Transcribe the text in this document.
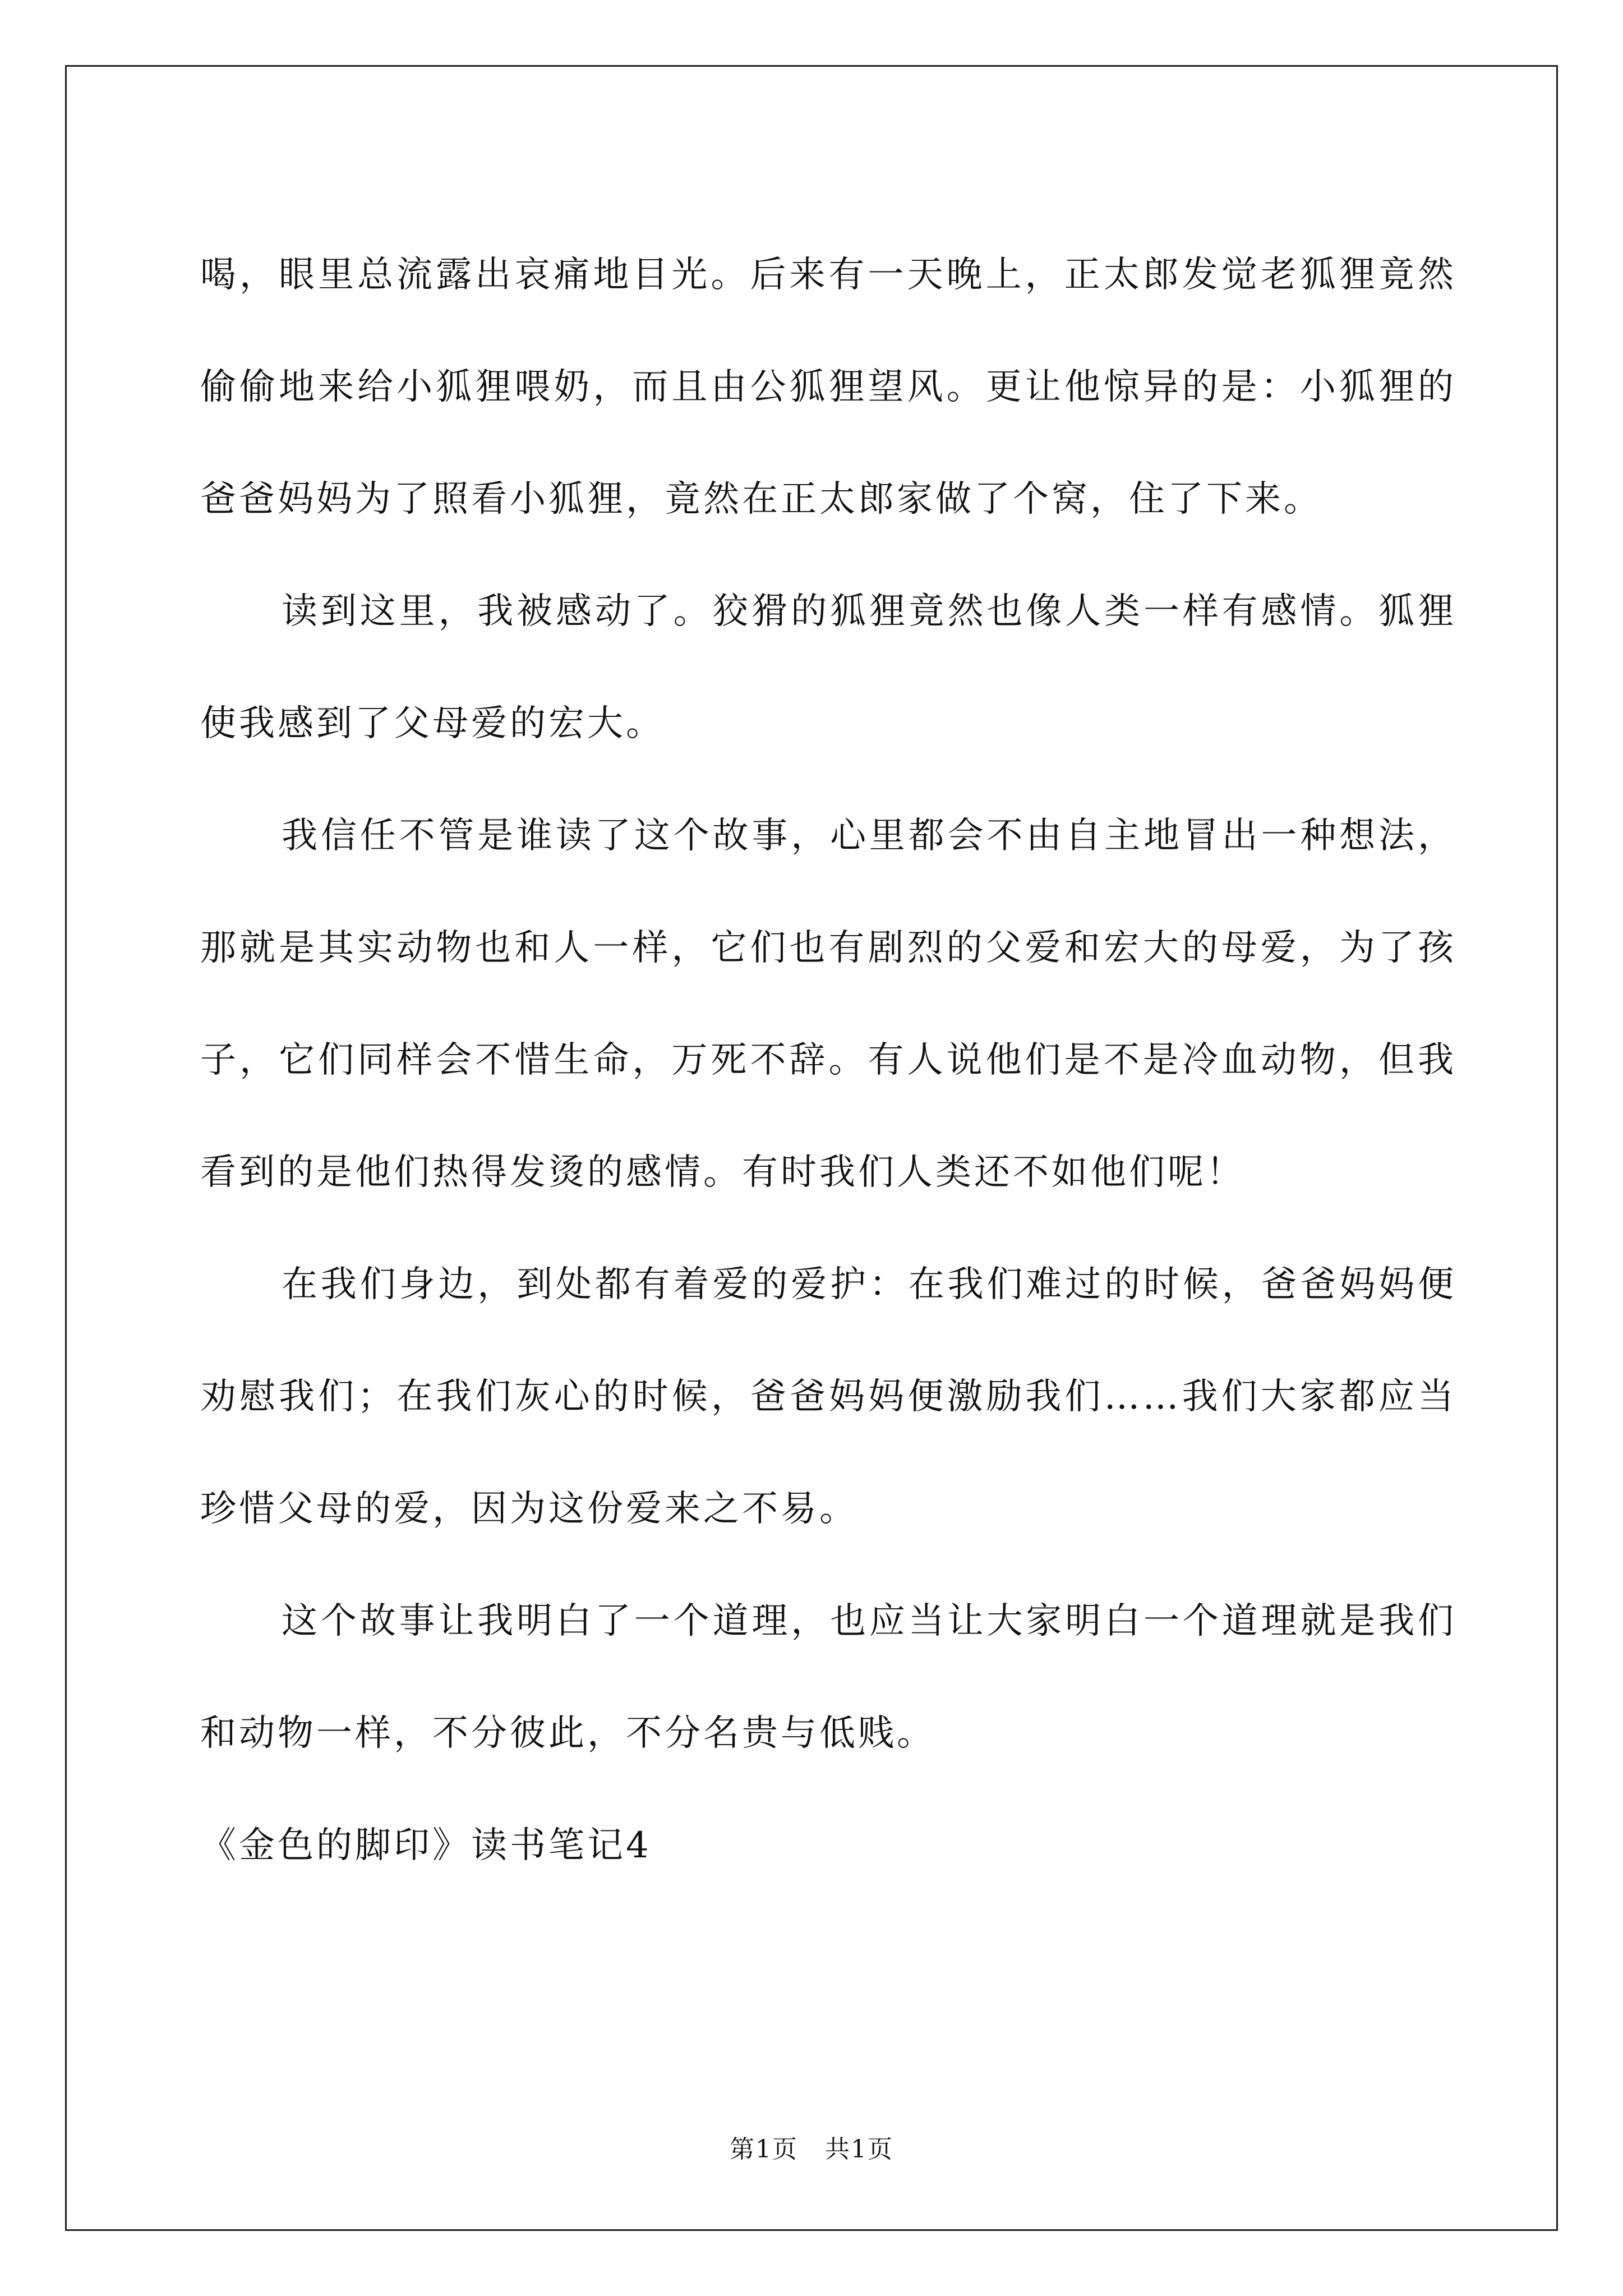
喝，眼里总流露出哀痛地目光。后来有一天晚上，正太郎发觉老狐狸竟然偷偷地来给小狐狸喂奶，而且由公狐狸望风。更让他惊异的是：小狐狸的爸爸妈妈为了照看小狐狸，竟然在正太郎家做了个窝，住了下来。

读到这里，我被感动了。狡猾的狐狸竟然也像人类一样有感情。狐狸使我感到了父母爱的宏大。

我信任不管是谁读了这个故事，心里都会不由自主地冒出一种想法，那就是其实动物也和人一样，它们也有剧烈的父爱和宏大的母爱，为了孩子，它们同样会不惜生命，万死不辞。有人说他们是不是冷血动物，但我看到的是他们热得发烫的感情。有时我们人类还不如他们呢！

在我们身边，到处都有着爱的爱护：在我们难过的时候，爸爸妈妈便劝慰我们；在我们灰心的时候，爸爸妈妈便激励我们……我们大家都应当珍惜父母的爱，因为这份爱来之不易。

这个故事让我明白了一个道理，也应当让大家明白一个道理就是我们和动物一样，不分彼此，不分名贵与低贱。

《金色的脚印》读书笔记4

第1页 共1页
